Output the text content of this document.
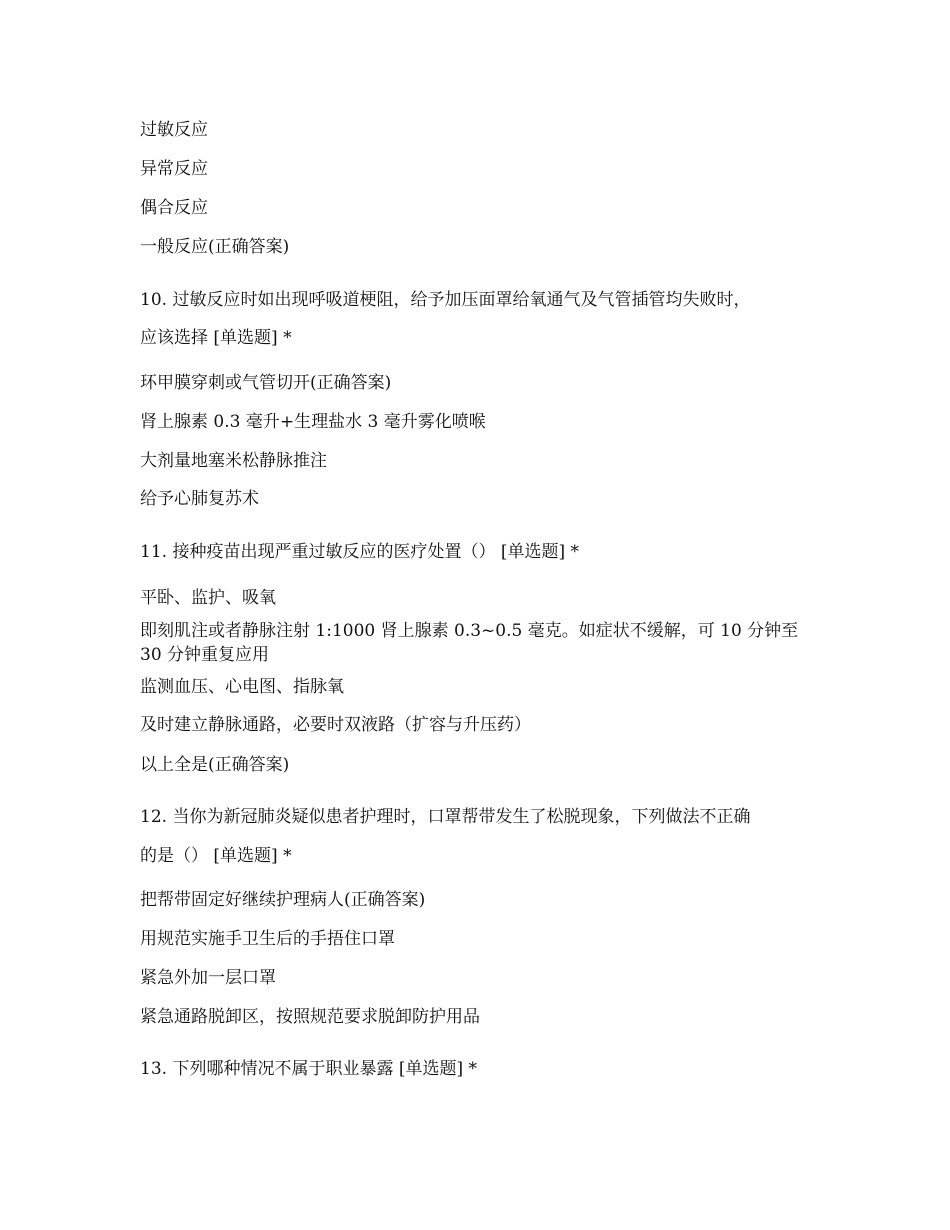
过敏反应
异常反应
偶合反应
一般反应(正确答案)
10. 过敏反应时如出现呼吸道梗阻，给予加压面罩给氧通气及气管插管均失败时，
应该选择 [单选题] *
环甲膜穿刺或气管切开(正确答案)
肾上腺素 0.3 毫升+生理盐水 3 毫升雾化喷喉
大剂量地塞米松静脉推注
给予心肺复苏术
11. 接种疫苗出现严重过敏反应的医疗处置（） [单选题] *
平卧、监护、吸氧
即刻肌注或者静脉注射 1:1000 肾上腺素 0.3~0.5 毫克。如症状不缓解，可 10 分钟至 30 分钟重复应用
监测血压、心电图、指脉氧
及时建立静脉通路，必要时双液路（扩容与升压药）
以上全是(正确答案)
12. 当你为新冠肺炎疑似患者护理时，口罩帮带发生了松脱现象，下列做法不正确
的是（） [单选题] *
把帮带固定好继续护理病人(正确答案)
用规范实施手卫生后的手捂住口罩
紧急外加一层口罩
紧急通路脱卸区，按照规范要求脱卸防护用品
13. 下列哪种情况不属于职业暴露 [单选题] *
